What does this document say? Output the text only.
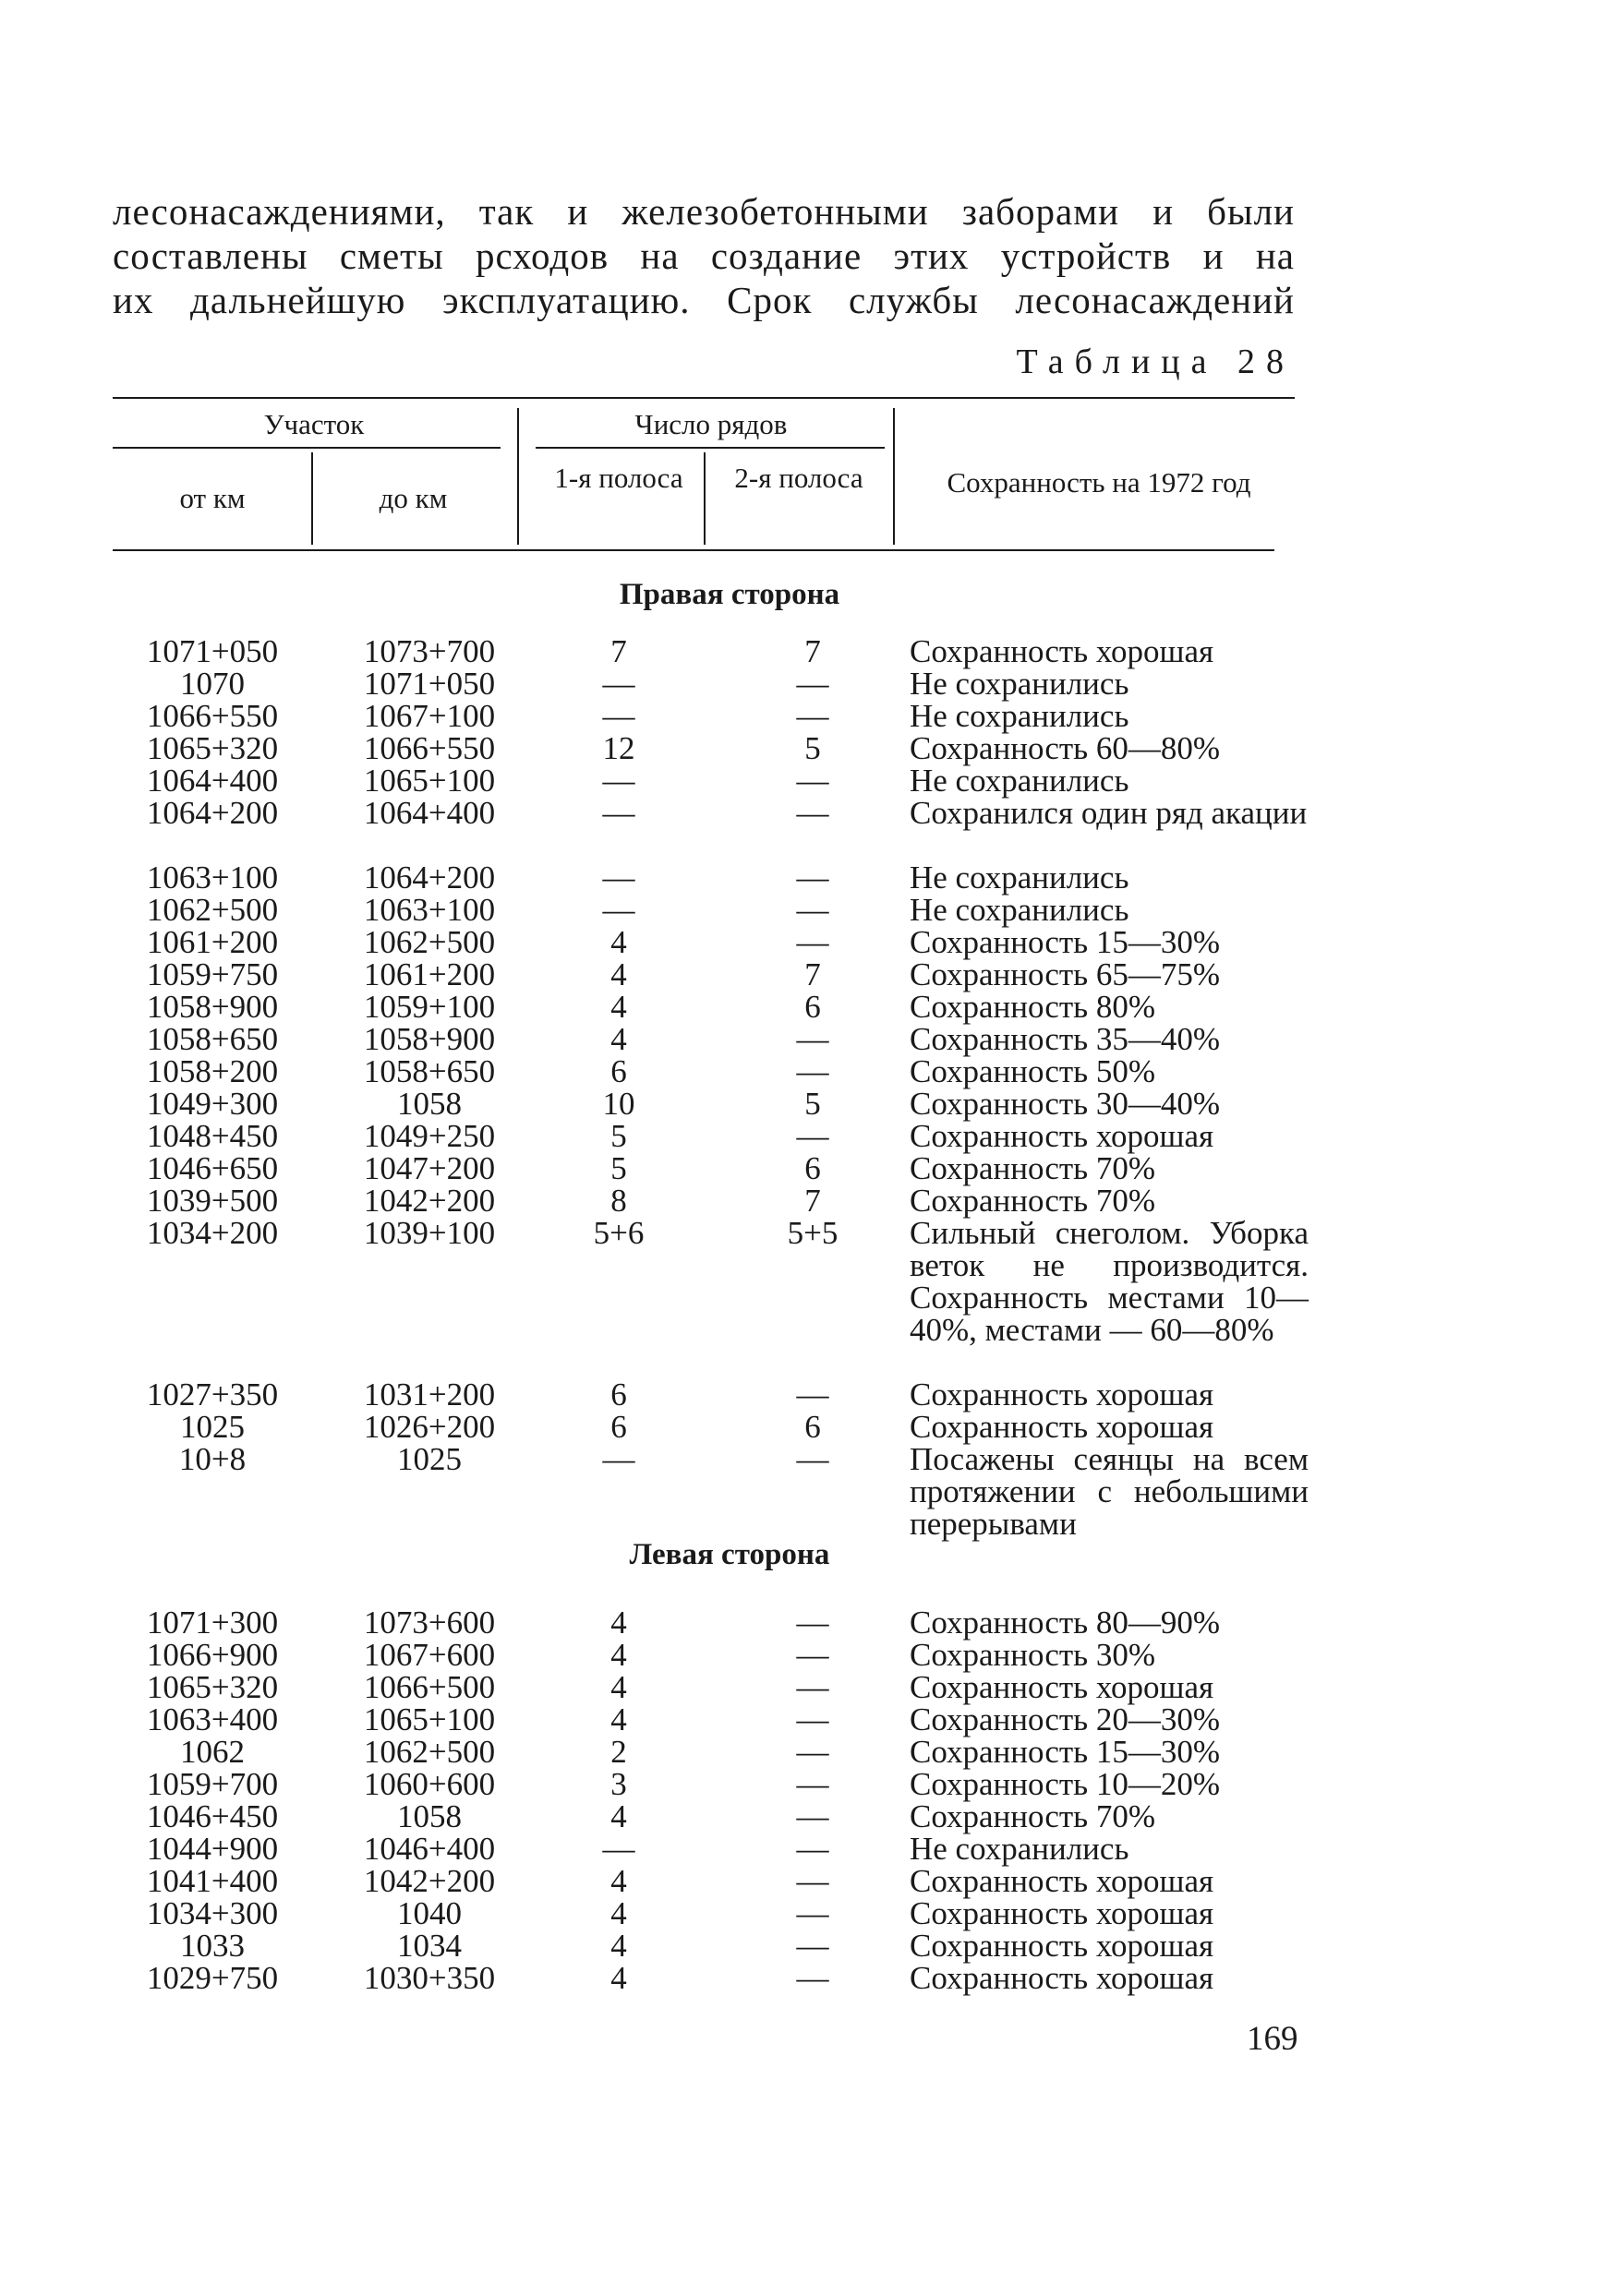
лесонасаждениями, так и железобетонными заборами и были
составлены сметы рсходов на создание этих устройств и на
их дальнейшую эксплуатацию. Срок службы лесонасаждений
Таблица 28
Участок	Число рядов
от км	до км
1-я полоса	2-я полоса	Сохранность на 1972 год
Правая сторона
1071+050	1073+700	7	7	Сохранность хорошая
1070	1071+050	—	—	Не сохранились
1066+550	1067+100	—	—	Не сохранились
1065+320	1066+550	12	5	Сохранность 60—80%
1064+400	1065+100	—	—	Не сохранились
1064+200	1064+400	—	—	Сохранился один ряд акации
1063+100	1064+200	—	—	Не сохранились
1062+500	1063+100	—	—	Не сохранились
1061+200	1062+500	4	—	Сохранность 15—30%
1059+750	1061+200	4	7	Сохранность 65—75%
1058+900	1059+100	4	6	Сохранность 80%
1058+650	1058+900	4	—	Сохранность 35—40%
1058+200	1058+650	6	—	Сохранность 50%
1049+300	1058	10	5	Сохранность 30—40%
1048+450	1049+250	5	—	Сохранность хорошая
1046+650	1047+200	5	6	Сохранность 70%
1039+500	1042+200	8	7	Сохранность 70%
1034+200	1039+100	5+6	5+5	Сильный снеголом. Уборка веток не производится. Сохранность местами 10—40%, местами — 60—80%
1027+350	1031+200	6	—	Сохранность хорошая
1025	1026+200	6	6	Сохранность хорошая
10+8	1025	—	—	Посажены сеянцы на всем протяжении с небольшими перерывами
Левая сторона
1071+300	1073+600	4	—	Сохранность 80—90%
1066+900	1067+600	4	—	Сохранность 30%
1065+320	1066+500	4	—	Сохранность хорошая
1063+400	1065+100	4	—	Сохранность 20—30%
1062	1062+500	2	—	Сохранность 15—30%
1059+700	1060+600	3	—	Сохранность 10—20%
1046+450	1058	4	—	Сохранность 70%
1044+900	1046+400	—	—	Не сохранились
1041+400	1042+200	4	—	Сохранность хорошая
1034+300	1040	4	—	Сохранность хорошая
1033	1034	4	—	Сохранность хорошая
1029+750	1030+350	4	—	Сохранность хорошая
169
